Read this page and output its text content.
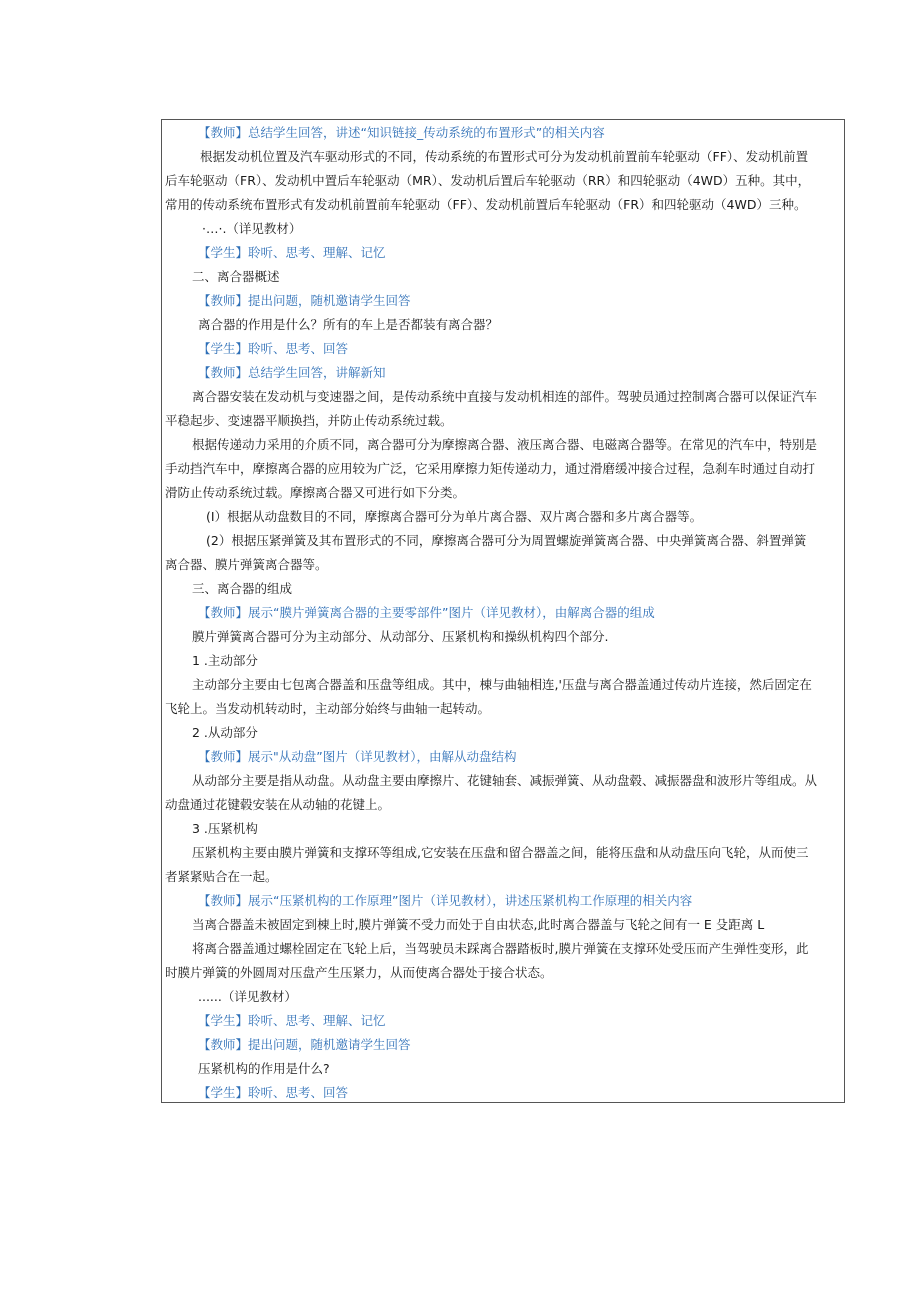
【教师】总结学生回答，讲述“知识链接_传动系统的布置形式”的相关内容
根据发动机位置及汽车驱动形式的不同，传动系统的布置形式可分为发动机前置前车轮驱动（FF）、发动机前置
后车轮驱动（FR）、发动机中置后车轮驱动（MR）、发动机后置后车轮驱动（RR）和四轮驱动（4WD）五种。其中，
常用的传动系统布置形式有发动机前置前车轮驱动（FF）、发动机前置后车轮驱动（FR）和四轮驱动（4WD）三种。
·…·.（详见教材）
【学生】聆听、思考、理解、记忆
二、离合器概述
【教师】提出问题，随机邀请学生回答
离合器的作用是什么？所有的车上是否都装有离合器？
【学生】聆听、思考、回答
【教师】总结学生回答，讲解新知
离合器安装在发动机与变速器之间，是传动系统中直接与发动机相连的部件。驾驶员通过控制离合器可以保证汽车
平稳起步、变速器平顺换挡，并防止传动系统过载。
根据传递动力采用的介质不同，离合器可分为摩擦离合器、液压离合器、电磁离合器等。在常见的汽车中，特别是
手动挡汽车中，摩擦离合器的应用较为广泛，它采用摩擦力矩传递动力，通过滑磨缓冲接合过程，急刹车时通过自动打
滑防止传动系统过载。摩擦离合器又可进行如下分类。
(I）根据从动盘数目的不同，摩擦离合器可分为单片离合器、双片离合器和多片离合器等。
(2）根据压紧弹簧及其布置形式的不同，摩擦离合器可分为周置螺旋弹簧离合器、中央弹簧离合器、斜置弹簧
离合器、膜片弹簧离合器等。
三、离合器的组成
【教师】展示“膜片弹簧离合器的主要零部件”图片（详见教材），由解离合器的组成
膜片弹簧离合器可分为主动部分、从动部分、压紧机构和操纵机构四个部分.
1 .主动部分
主动部分主要由七包离合器盖和压盘等组成。其中，棟与曲轴相连,'压盘与离合器盖通过传动片连接，然后固定在
飞轮上。当发动机转动时，主动部分始终与曲轴一起转动。
2 .从动部分
【教师】展示"从动盘”图片（详见教材），由解从动盘结构
从动部分主要是指从动盘。从动盘主要由摩擦片、花键轴套、减振弹簧、从动盘毂、减振器盘和波形片等组成。从
动盘通过花键毂安装在从动轴的花键上。
3 .压紧机构
压紧机构主要由膜片弹簧和支撑环等组成,它安装在压盘和留合器盖之间，能将压盘和从动盘压向飞轮，从而使三
者紧紧贴合在一起。
【教师】展示“压紧机构的工作原理”图片（详见教材），讲述压紧机构工作原理的相关内容
当离合器盖未被固定到棟上时,膜片弹簧不受力而处于自由状态,此时离合器盖与飞轮之间有一 E 殳距离 L
将离合器盖通过螺栓固定在飞轮上后，当驾驶员未踩离合器踏板时,膜片弹簧在支撑环处受压而产生弹性变形，此
时膜片弹簧的外圆周对压盘产生压紧力，从而使离合器处于接合状态。
......（详见教材）
【学生】聆听、思考、理解、记忆
【教师】提出问题，随机邀请学生回答
压紧机构的作用是什么?
【学生】聆听、思考、回答
